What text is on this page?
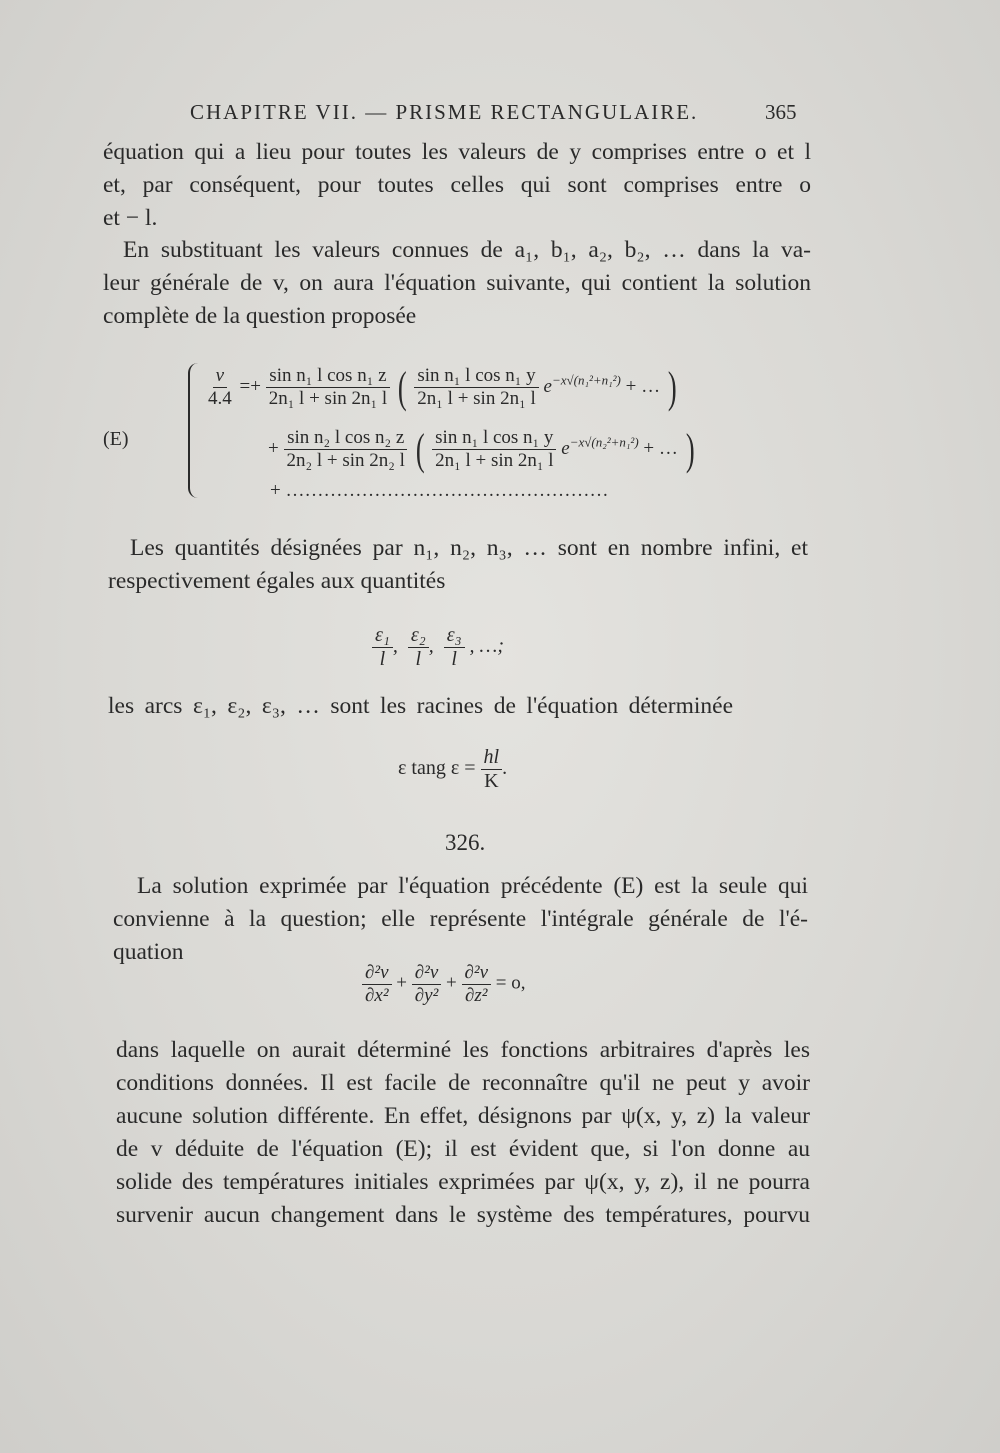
CHAPITRE VII. — PRISME RECTANGULAIRE.	365
équation qui a lieu pour toutes les valeurs de y comprises entre o et l
et, par conséquent, pour toutes celles qui sont comprises entre o
et − l.
En substituant les valeurs connues de a₁, b₁, a₂, b₂, … dans la va-
leur générale de v, on aura l'équation suivante, qui contient la solution
complète de la question proposée
(E)
$\frac{v}{4.4} =+ \frac{\text{sin n₁ l cos n₁ z}}{\text{2n₁ l + sin 2n₁ l}}$ ( $\frac{\text{sin n₁ l cos n₁ y}}{\text{2n₁ l + sin 2n₁ l}} e^{-x√(n_1^2+n_1^2)}$ + … )
+ $\frac{\text{sin n₂ l cos n₂ z}}{\text{2n₂ l + sin 2n₂ l}}$ ( $\frac{\text{sin n₁ l cos n₁ y}}{\text{2n₁ l + sin 2n₁ l}} e^{-x√(n_2^2+n_1^2)}$ + … )
+ ……………………………………………
Les quantités désignées par n₁, n₂, n₃, … sont en nombre infini, et
respectivement égales aux quantités
$\frac{\text{ε₁}}{l}$ , $\frac{\text{ε₂}}{l}$ , $\frac{\text{ε₃}}{l}$ , …;
les arcs ε₁, ε₂, ε₃, … sont les racines de l'équation déterminée
ε tang $\varepsilon = \frac{hl}{K}$ .
326.
La solution exprimée par l'équation précédente (E) est la seule qui
convienne à la question; elle représente l'intégrale générale de l'é-
quation
$\frac{\text{∂²v}}{\text{∂x²}} + \frac{\text{∂²v}}{\text{∂y²}} + \frac{\text{∂²v}}{\text{∂z²}} = o$,
dans laquelle on aurait déterminé les fonctions arbitraires d'après les
conditions données. Il est facile de reconnaître qu'il ne peut y avoir
aucune solution différente. En effet, désignons par ψ(x, y, z) la valeur
de v déduite de l'équation (E); il est évident que, si l'on donne au
solide des températures initiales exprimées par ψ(x, y, z), il ne pourra
survenir aucun changement dans le système des températures, pourvu
